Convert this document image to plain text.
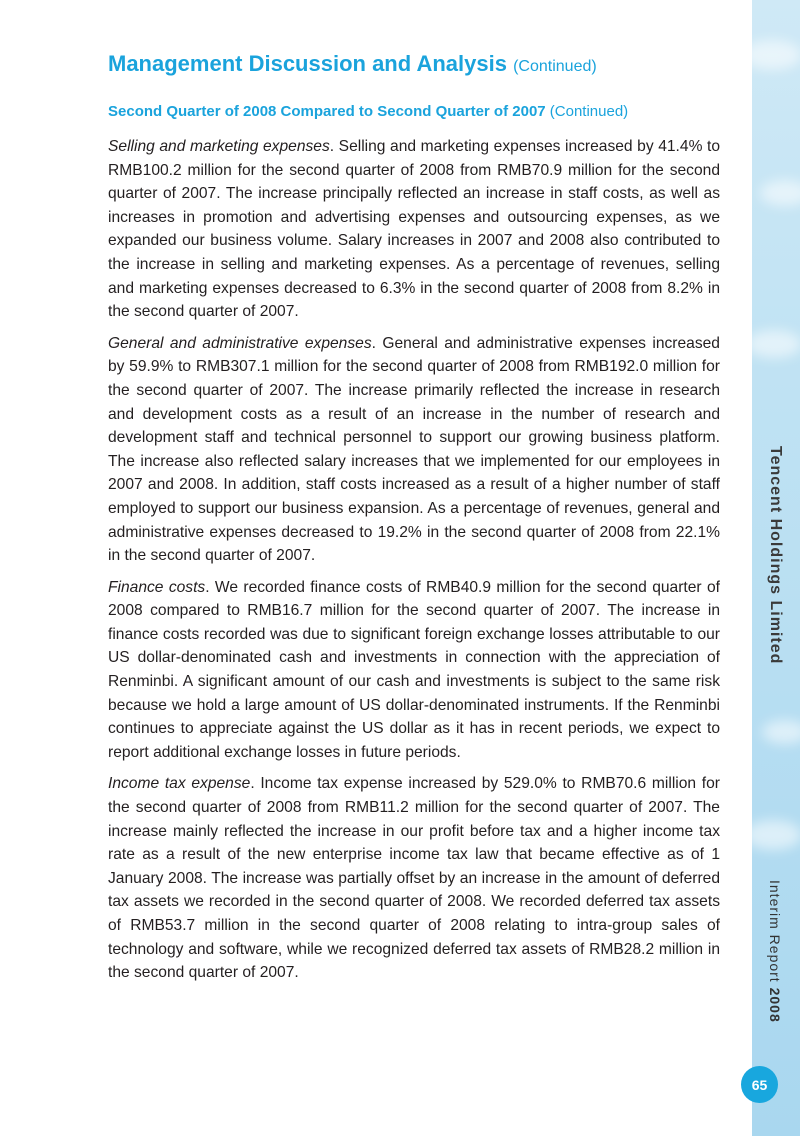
Tencent Holdings Limited
Interim Report 2008
65
Management Discussion and Analysis (Continued)
Second Quarter of 2008 Compared to Second Quarter of 2007 (Continued)

Selling and marketing expenses. Selling and marketing expenses increased by 41.4% to RMB100.2 million for the second quarter of 2008 from RMB70.9 million for the second quarter of 2007. The increase principally reflected an increase in staff costs, as well as increases in promotion and advertising expenses and outsourcing expenses, as we expanded our business volume. Salary increases in 2007 and 2008 also contributed to the increase in selling and marketing expenses. As a percentage of revenues, selling and marketing expenses decreased to 6.3% in the second quarter of 2008 from 8.2% in the second quarter of 2007.

General and administrative expenses. General and administrative expenses increased by 59.9% to RMB307.1 million for the second quarter of 2008 from RMB192.0 million for the second quarter of 2007. The increase primarily reflected the increase in research and development costs as a result of an increase in the number of research and development staff and technical personnel to support our growing business platform. The increase also reflected salary increases that we implemented for our employees in 2007 and 2008. In addition, staff costs increased as a result of a higher number of staff employed to support our business expansion. As a percentage of revenues, general and administrative expenses decreased to 19.2% in the second quarter of 2008 from 22.1% in the second quarter of 2007.

Finance costs. We recorded finance costs of RMB40.9 million for the second quarter of 2008 compared to RMB16.7 million for the second quarter of 2007. The increase in finance costs recorded was due to significant foreign exchange losses attributable to our US dollar-denominated cash and investments in connection with the appreciation of Renminbi. A significant amount of our cash and investments is subject to the same risk because we hold a large amount of US dollar-denominated instruments. If the Renminbi continues to appreciate against the US dollar as it has in recent periods, we expect to report additional exchange losses in future periods.

Income tax expense. Income tax expense increased by 529.0% to RMB70.6 million for the second quarter of 2008 from RMB11.2 million for the second quarter of 2007. The increase mainly reflected the increase in our profit before tax and a higher income tax rate as a result of the new enterprise income tax law that became effective as of 1 January 2008. The increase was partially offset by an increase in the amount of deferred tax assets we recorded in the second quarter of 2008. We recorded deferred tax assets of RMB53.7 million in the second quarter of 2008 relating to intra-group sales of technology and software, while we recognized deferred tax assets of RMB28.2 million in the second quarter of 2007.
